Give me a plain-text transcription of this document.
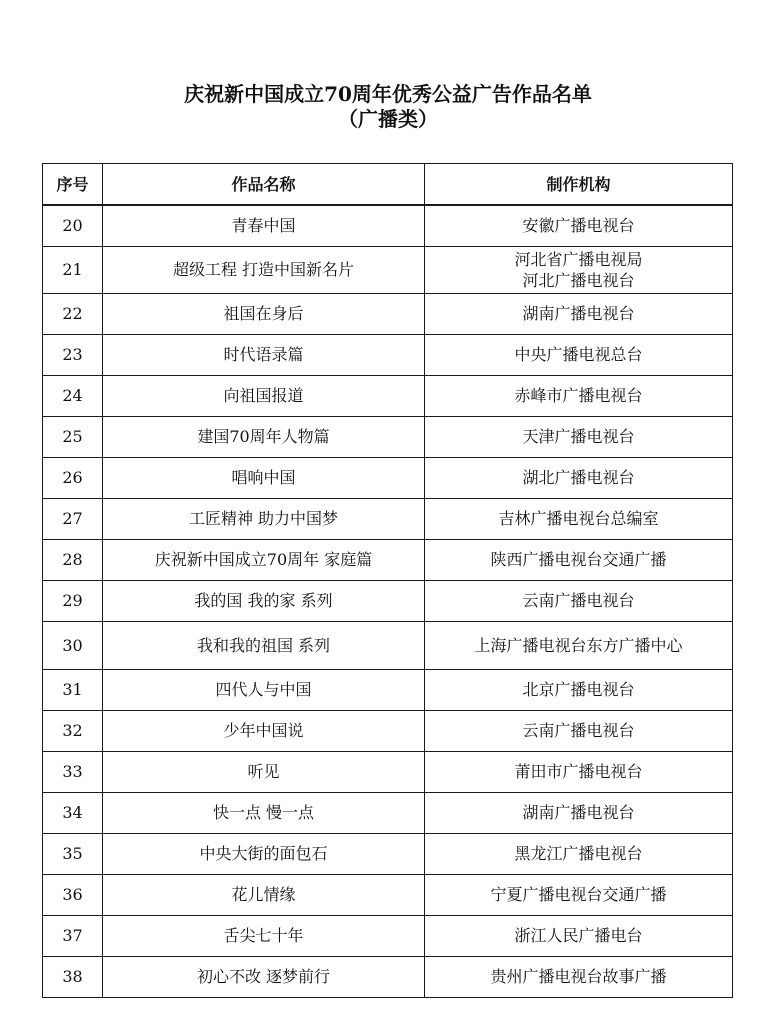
庆祝新中国成立70周年优秀公益广告作品名单
（广播类）
序号	作品名称	制作机构
20	青春中国	安徽广播电视台

21	超级工程 打造中国新名片	河北省广播电视局
河北广播电视台

22	祖国在身后	湖南广播电视台

23	时代语录篇	中央广播电视总台

24	向祖国报道	赤峰市广播电视台

25	建国70周年人物篇	天津广播电视台

26	唱响中国	湖北广播电视台

27	工匠精神 助力中国梦	吉林广播电视台总编室

28	庆祝新中国成立70周年 家庭篇	陕西广播电视台交通广播

29	我的国 我的家 系列	云南广播电视台

30	我和我的祖国 系列	上海广播电视台东方广播中心

31	四代人与中国	北京广播电视台

32	少年中国说	云南广播电视台

33	听见	莆田市广播电视台

34	快一点 慢一点	湖南广播电视台

35	中央大街的面包石	黑龙江广播电视台

36	花儿情缘	宁夏广播电视台交通广播

37	舌尖七十年	浙江人民广播电台

38	初心不改 逐梦前行	贵州广播电视台故事广播
